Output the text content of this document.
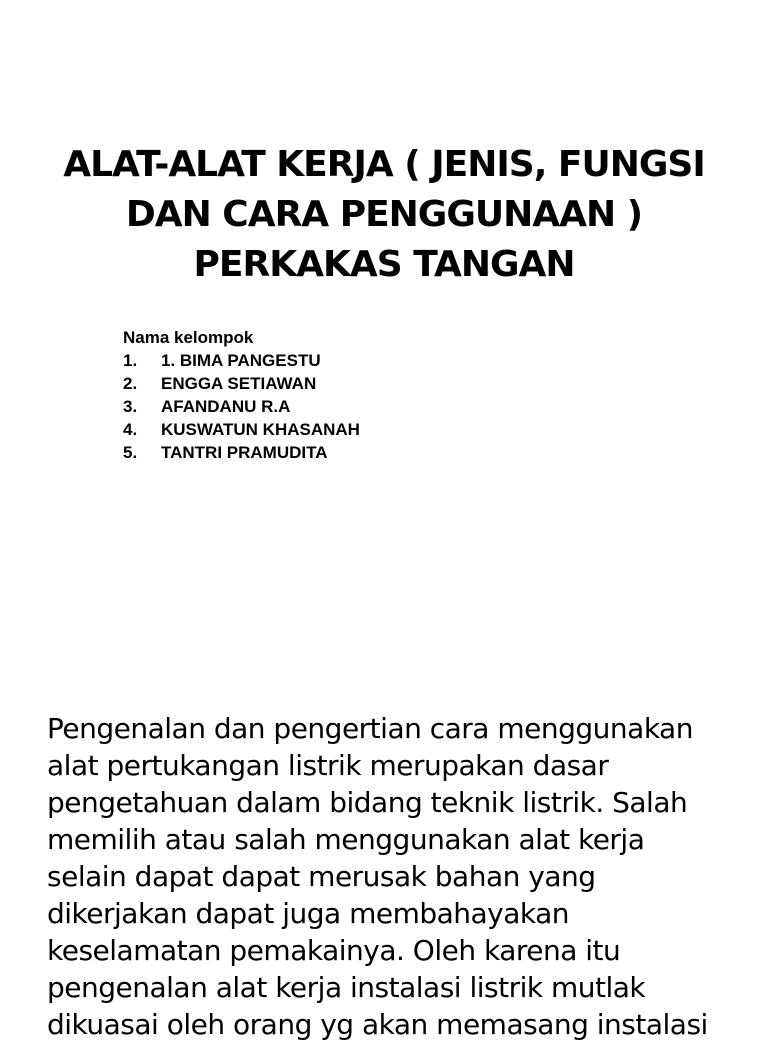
ALAT-ALAT KERJA ( JENIS, FUNGSI
DAN CARA PENGGUNAAN )
PERKAKAS TANGAN
Nama kelompok
1.	1. BIMA PANGESTU
2.	ENGGA SETIAWAN
3.	AFANDANU R.A
4.	KUSWATUN KHASANAH
5.	TANTRI PRAMUDITA
Pengenalan dan pengertian cara menggunakan
alat pertukangan listrik merupakan dasar
pengetahuan dalam bidang teknik listrik. Salah
memilih atau salah menggunakan alat kerja
selain dapat dapat merusak bahan yang
dikerjakan dapat juga membahayakan
keselamatan pemakainya. Oleh karena itu
pengenalan alat kerja instalasi listrik mutlak
dikuasai oleh orang yg akan memasang instalasi
